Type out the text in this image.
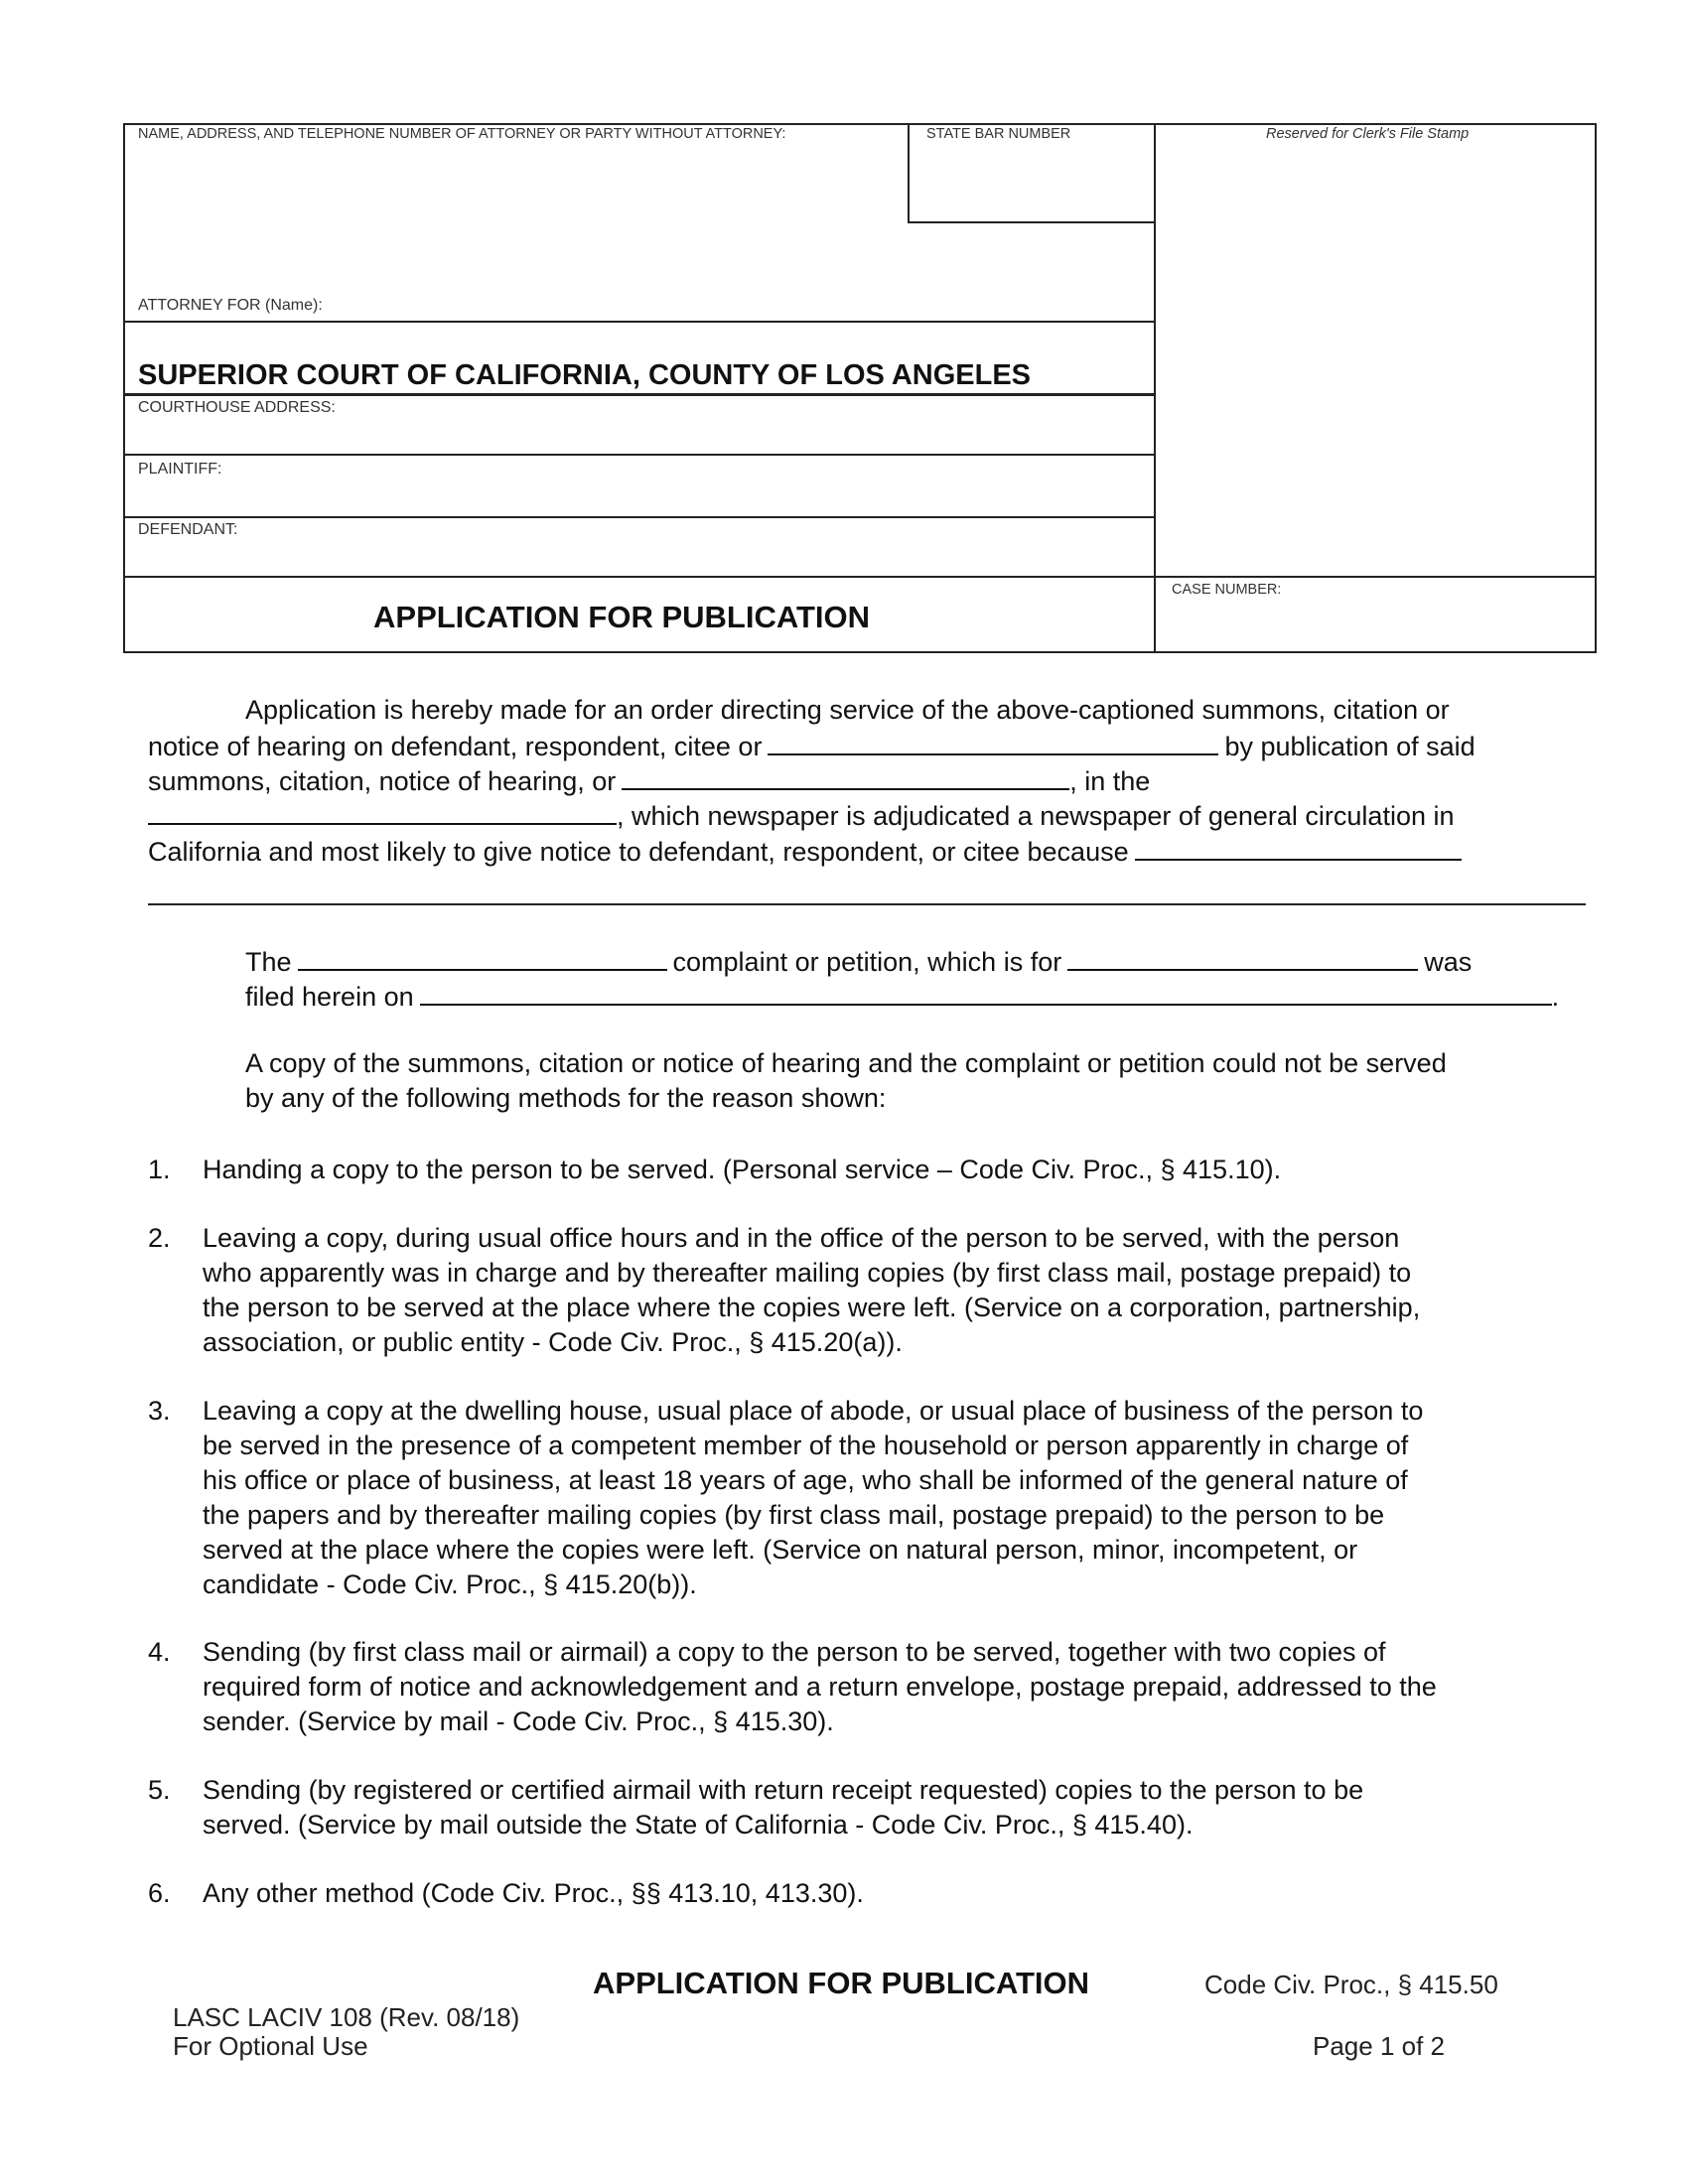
NAME, ADDRESS, AND TELEPHONE NUMBER OF ATTORNEY OR PARTY WITHOUT ATTORNEY:	STATE BAR NUMBER	Reserved for Clerk's File Stamp
ATTORNEY FOR (Name):
SUPERIOR COURT OF CALIFORNIA, COUNTY OF LOS ANGELES
COURTHOUSE ADDRESS:
PLAINTIFF:
DEFENDANT:
APPLICATION FOR PUBLICATION
CASE NUMBER:
Application is hereby made for an order directing service of the above-captioned summons, citation or
notice of hearing on defendant, respondent, citee or	by publication of said
summons, citation, notice of hearing, or	, in the
, which newspaper is adjudicated a newspaper of general circulation in
California and most likely to give notice to defendant, respondent, or citee because
The	complaint or petition, which is for	was
filed herein on	.
A copy of the summons, citation or notice of hearing and the complaint or petition could not be served
by any of the following methods for the reason shown:
1. Handing a copy to the person to be served. (Personal service – Code Civ. Proc., § 415.10).
2. Leaving a copy, during usual office hours and in the office of the person to be served, with the person
who apparently was in charge and by thereafter mailing copies (by first class mail, postage prepaid) to
the person to be served at the place where the copies were left. (Service on a corporation, partnership,
association, or public entity - Code Civ. Proc., § 415.20(a)).
3. Leaving a copy at the dwelling house, usual place of abode, or usual place of business of the person to
be served in the presence of a competent member of the household or person apparently in charge of
his office or place of business, at least 18 years of age, who shall be informed of the general nature of
the papers and by thereafter mailing copies (by first class mail, postage prepaid) to the person to be
served at the place where the copies were left. (Service on natural person, minor, incompetent, or
candidate - Code Civ. Proc., § 415.20(b)).
4. Sending (by first class mail or airmail) a copy to the person to be served, together with two copies of
required form of notice and acknowledgement and a return envelope, postage prepaid, addressed to the
sender. (Service by mail - Code Civ. Proc., § 415.30).
5. Sending (by registered or certified airmail with return receipt requested) copies to the person to be
served. (Service by mail outside the State of California - Code Civ. Proc., § 415.40).
6. Any other method (Code Civ. Proc., §§ 413.10, 413.30).
APPLICATION FOR PUBLICATION	Code Civ. Proc., § 415.50
LASC LACIV 108 (Rev. 08/18)
For Optional Use	Page 1 of 2
